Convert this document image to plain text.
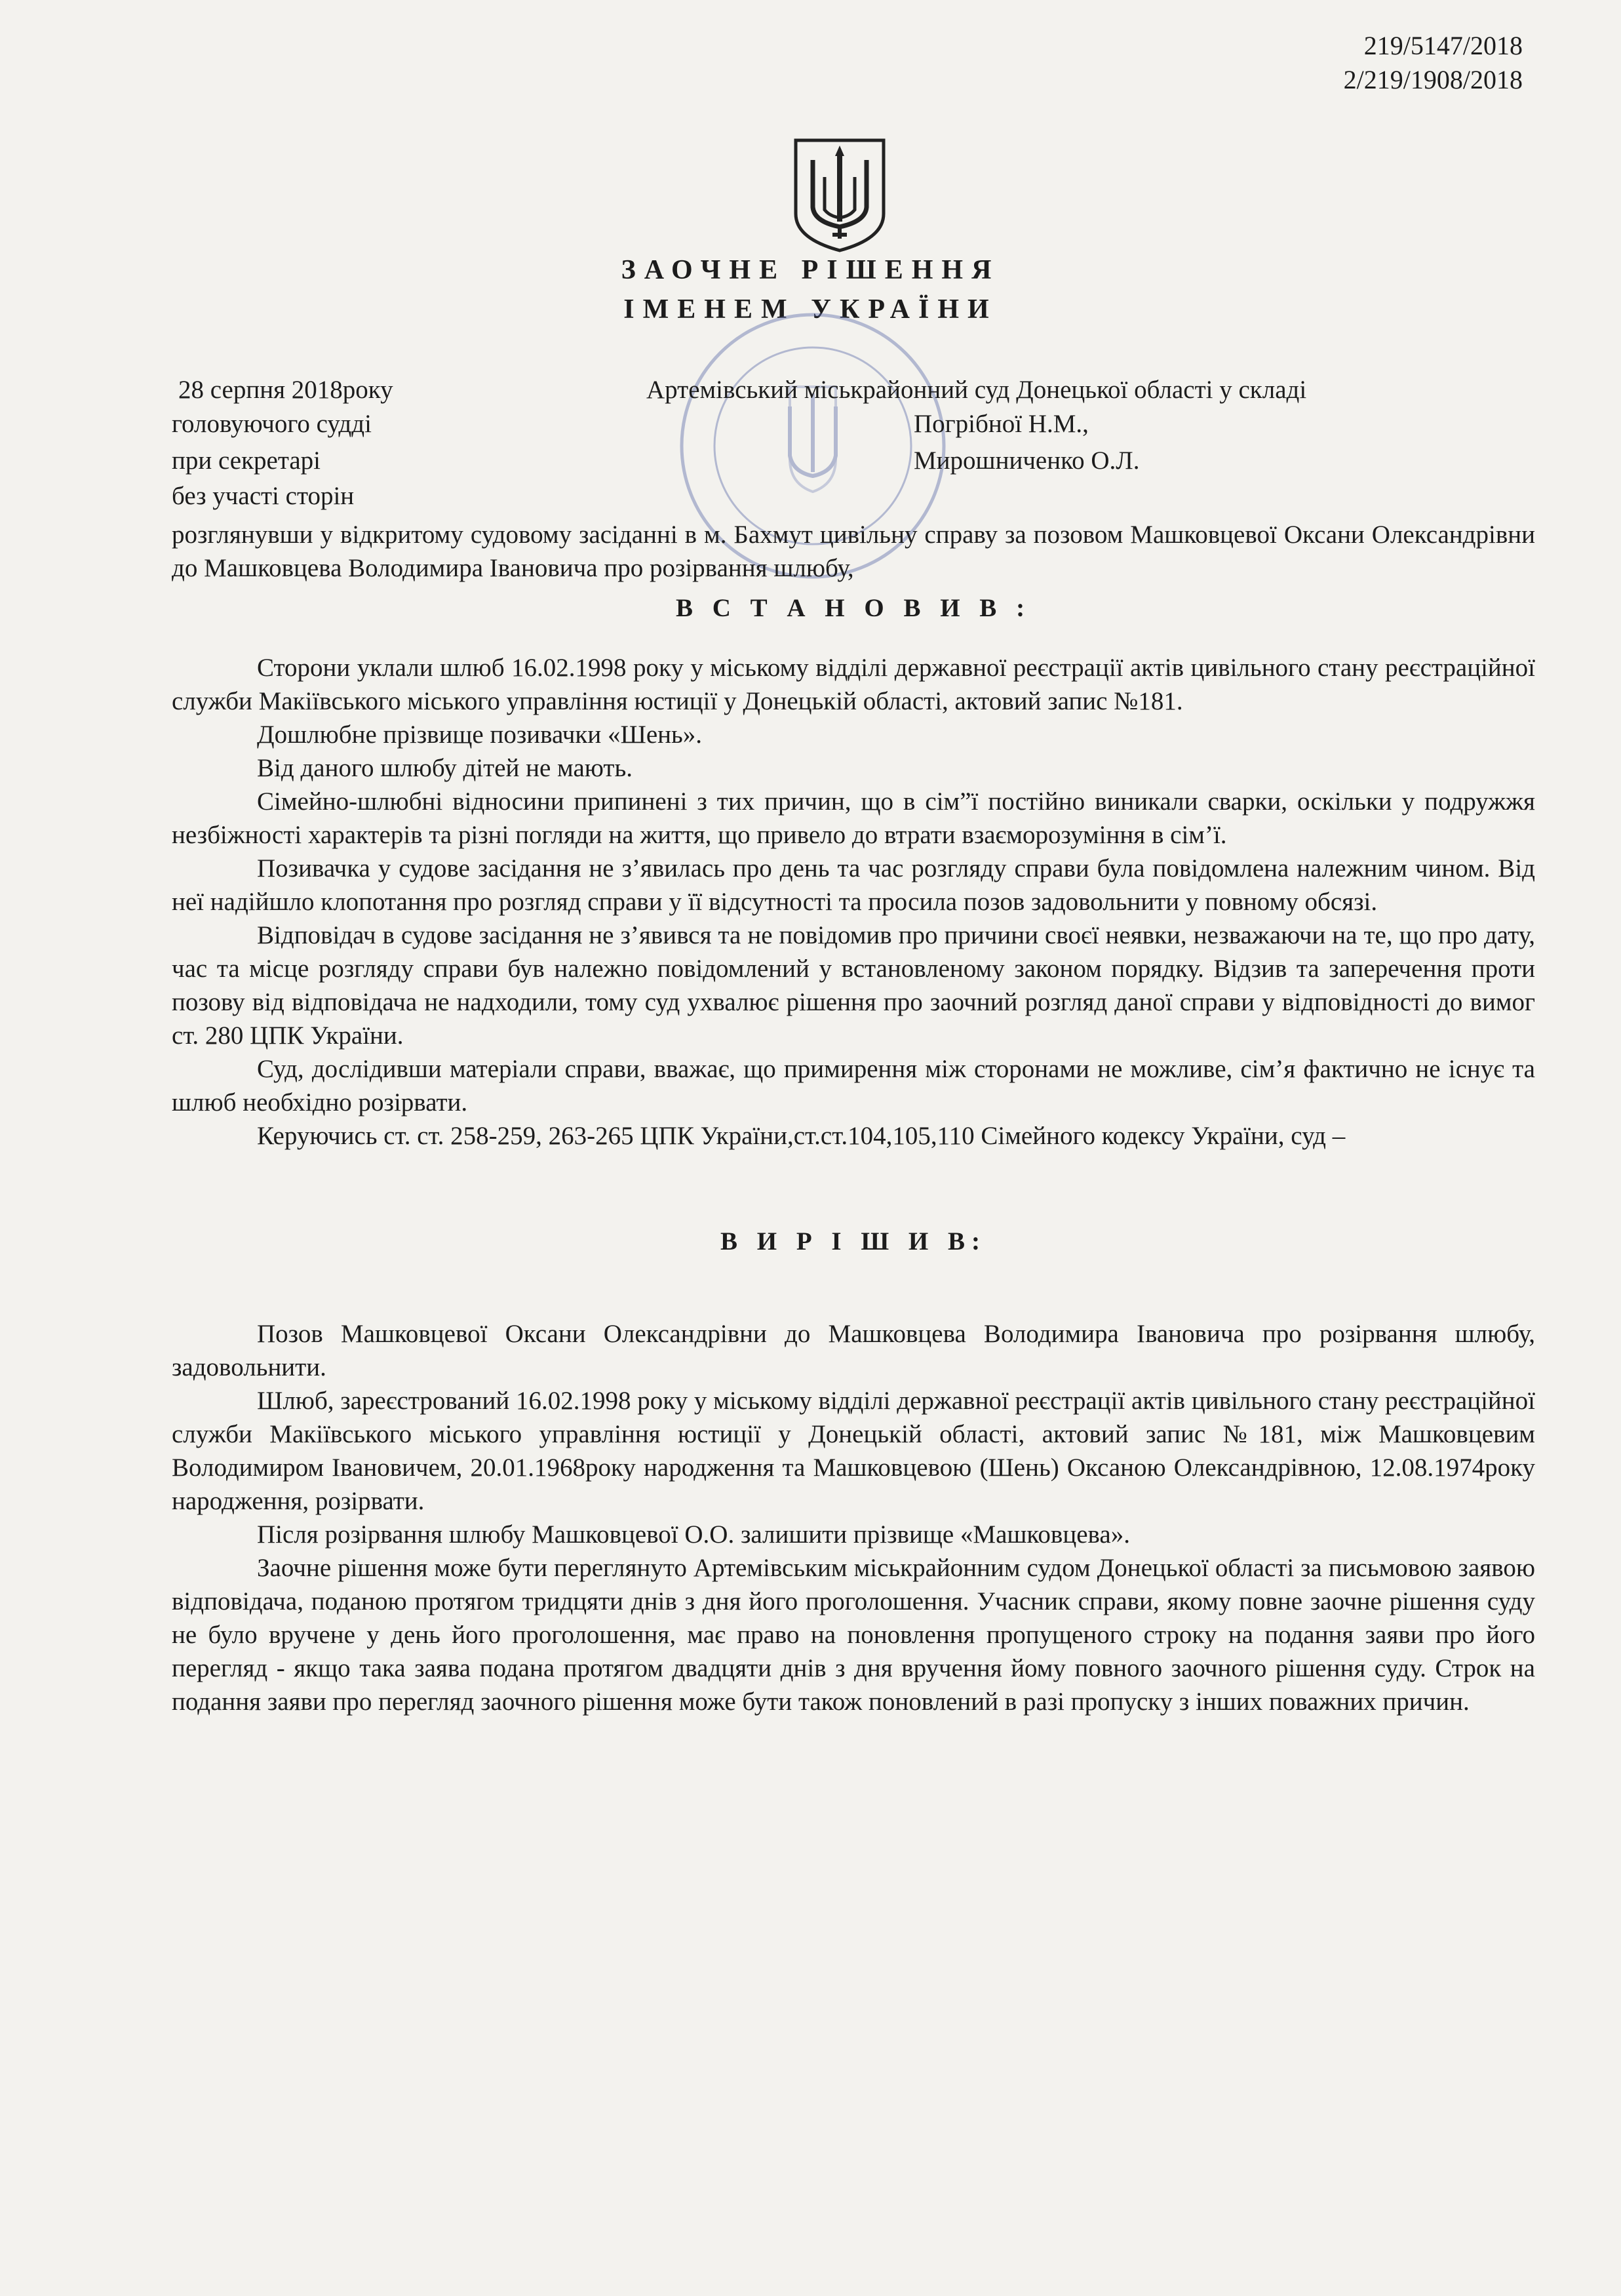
219/5147/2018
2/219/1908/2018
ЗАОЧНЕ РІШЕННЯ
ІМЕНЕМ УКРАЇНИ
28 серпня 2018року	Артемівський міськрайонний суд Донецької області у складі
головуючого судді	Погрібної Н.М.,
при секретарі	Мирошниченко О.Л.
без участі сторін

розглянувши у відкритому судовому засіданні в м. Бахмут цивільну справу за позовом Машковцевої Оксани Олександрівни до Машковцева Володимира Івановича про розірвання шлюбу,

В С Т А Н О В И В :

Сторони уклали шлюб 16.02.1998 року у міському відділі державної реєстрації актів цивільного стану реєстраційної служби Макіївського міського управління юстиції у Донецькій області, актовий запис №181.

Дошлюбне прізвище позивачки «Шень».

Від даного шлюбу дітей не мають.

Сімейно-шлюбні відносини припинені з тих причин, що в сім”ї постійно виникали сварки, оскільки у подружжя незбіжності характерів та різні погляди на життя, що привело до втрати взаєморозуміння в сім’ї.

Позивачка у судове засідання не з’явилась про день та час розгляду справи була повідомлена належним чином. Від неї надійшло клопотання про розгляд справи у її відсутності та просила позов задовольнити у повному обсязі.

Відповідач в судове засідання не з’явився та не повідомив про причини своєї неявки, незважаючи на те, що про дату, час та місце розгляду справи був належно повідомлений у встановленому законом порядку. Відзив та заперечення проти позову від відповідача не надходили, тому суд ухвалює рішення про заочний розгляд даної справи у відповідності до вимог ст. 280 ЦПК України.

Суд, дослідивши матеріали справи, вважає, що примирення між сторонами не можливе, сім’я фактично не існує та шлюб необхідно розірвати.

Керуючись ст. ст. 258-259, 263-265 ЦПК України,ст.ст.104,105,110 Сімейного кодексу України, суд –

В И Р І Ш И В:

Позов Машковцевої Оксани Олександрівни до Машковцева Володимира Івановича про розірвання шлюбу, задовольнити.

Шлюб, зареєстрований 16.02.1998 року у міському відділі державної реєстрації актів цивільного стану реєстраційної служби Макіївського міського управління юстиції у Донецькій області, актовий запис №181, між Машковцевим Володимиром Івановичем, 20.01.1968року народження та Машковцевою (Шень) Оксаною Олександрівною, 12.08.1974року народження, розірвати.

Після розірвання шлюбу Машковцевої О.О. залишити прізвище «Машковцева».

Заочне рішення може бути переглянуто Артемівським міськрайонним судом Донецької області за письмовою заявою відповідача, поданою протягом тридцяти днів з дня його проголошення. Учасник справи, якому повне заочне рішення суду не було вручене у день його проголошення, має право на поновлення пропущеного строку на подання заяви про його перегляд - якщо така заява подана протягом двадцяти днів з дня вручення йому повного заочного рішення суду. Строк на подання заяви про перегляд заочного рішення може бути також поновлений в разі пропуску з інших поважних причин.
